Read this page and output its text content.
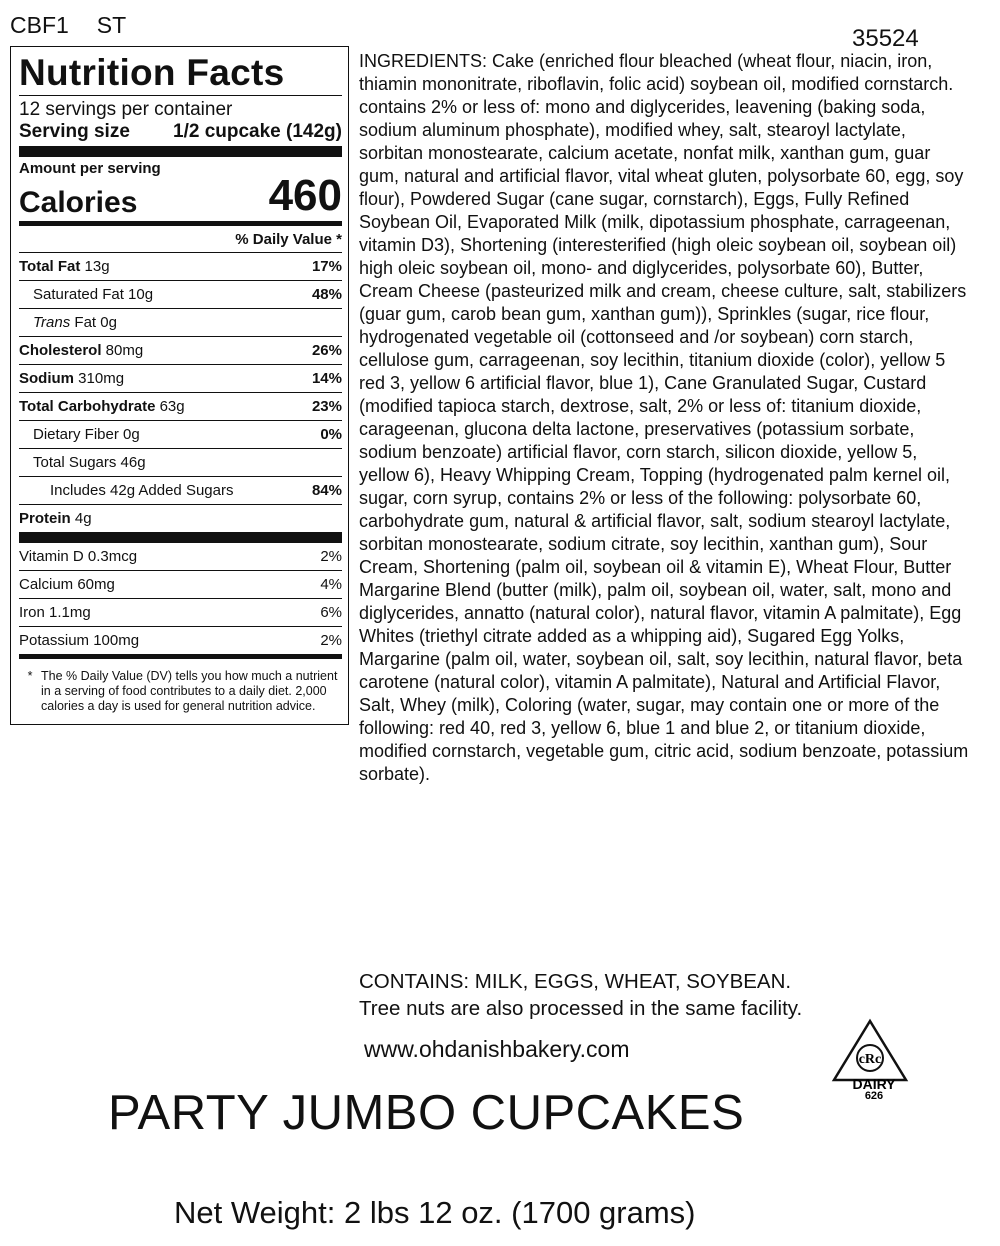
CBF1 ST	35524
Nutrition Facts
12 servings per container
Serving size 1/2 cupcake (142g)
Amount per serving
Calories	460
% Daily Value *
Total Fat 13g	17%
Saturated Fat 10g	48%
Trans Fat 0g
Cholesterol 80mg	26%
Sodium 310mg	14%
Total Carbohydrate 63g	23%
Dietary Fiber 0g	0%
Total Sugars 46g
Includes 42g Added Sugars	84%
Protein 4g
Vitamin D 0.3mcg	2%
Calcium 60mg	4%
Iron 1.1mg	6%
Potassium 100mg	2%
* The % Daily Value (DV) tells you how much a nutrient in a serving of food contributes to a daily diet. 2,000 calories a day is used for general nutrition advice.
INGREDIENTS: Cake (enriched flour bleached (wheat flour, niacin, iron, thiamin mononitrate, riboflavin, folic acid) soybean oil, modified cornstarch. contains 2% or less of: mono and diglycerides, leavening (baking soda, sodium aluminum phosphate), modified whey, salt, stearoyl lactylate, sorbitan monostearate, calcium acetate, nonfat milk, xanthan gum, guar gum, natural and artificial flavor, vital wheat gluten, polysorbate 60, egg, soy flour), Powdered Sugar (cane sugar, cornstarch), Eggs, Fully Refined Soybean Oil, Evaporated Milk (milk, dipotassium phosphate, carrageenan, vitamin D3), Shortening (interesterified (high oleic soybean oil, soybean oil) high oleic soybean oil, mono- and diglycerides, polysorbate 60), Butter, Cream Cheese (pasteurized milk and cream, cheese culture, salt, stabilizers (guar gum, carob bean gum, xanthan gum)), Sprinkles (sugar, rice flour, hydrogenated vegetable oil (cottonseed and /or soybean) corn starch, cellulose gum, carrageenan, soy lecithin, titanium dioxide (color), yellow 5 red 3, yellow 6 artificial flavor, blue 1), Cane Granulated Sugar, Custard (modified tapioca starch, dextrose, salt, 2% or less of: titanium dioxide, carageenan, glucona delta lactone, preservatives (potassium sorbate, sodium benzoate) artificial flavor, corn starch, silicon dioxide, yellow 5, yellow 6), Heavy Whipping Cream, Topping (hydrogenated palm kernel oil, sugar, corn syrup, contains 2% or less of the following: polysorbate 60, carbohydrate gum, natural & artificial flavor, salt, sodium stearoyl lactylate, sorbitan monostearate, sodium citrate, soy lecithin, xanthan gum), Sour Cream, Shortening (palm oil, soybean oil & vitamin E), Wheat Flour, Butter Margarine Blend (butter (milk), palm oil, soybean oil, water, salt, mono and diglycerides, annatto (natural color), natural flavor, vitamin A palmitate), Egg Whites (triethyl citrate added as a whipping aid), Sugared Egg Yolks, Margarine (palm oil, water, soybean oil, salt, soy lecithin, natural flavor, beta carotene (natural color), vitamin A palmitate), Natural and Artificial Flavor, Salt, Whey (milk), Coloring (water, sugar, may contain one or more of the following: red 40, red 3, yellow 6, blue 1 and blue 2, or titanium dioxide, modified cornstarch, vegetable gum, citric acid, sodium benzoate, potassium sorbate).
CONTAINS: MILK, EGGS, WHEAT, SOYBEAN.
Tree nuts are also processed in the same facility.
www.ohdanishbakery.com	cRc
DAIRY
626
PARTY JUMBO CUPCAKES
Net Weight: 2 lbs 12 oz. (1700 grams)
